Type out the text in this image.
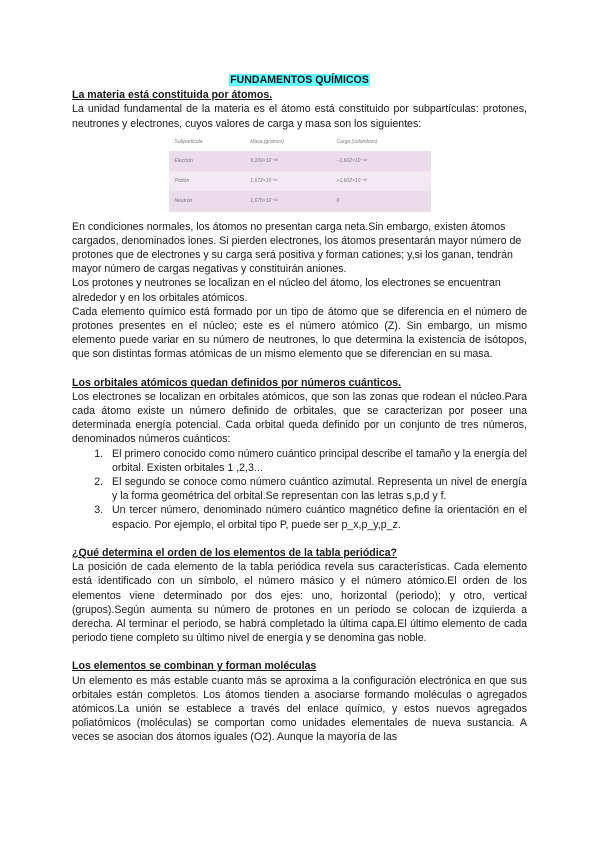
FUNDAMENTOS QUÍMICOS
La materia está constituida por átomos.

La unidad fundamental de la materia es el átomo está constituido por subpartículas: protones, neutrones y electrones, cuyos valores de carga y masa son los siguientes:

Subpartícula	Masa (gramos)	Carga (culombios)
Electrón	9,109×10⁻²⁸	−1,602×10⁻¹⁹
Protón	1,672×10⁻²⁴	+1,602×10⁻¹⁹
Neutrón	1,675×10⁻²⁴	0

En condiciones normales, los átomos no presentan carga neta.Sin embargo, existen átomos cargados, denominados iones. Si pierden electrones, los átomos presentarán mayor número de protones que de electrones y su carga será positiva y forman cationes; y,si los ganan, tendrán mayor número de cargas negativas y constituirán aniones.

Los protones y neutrones se localizan en el núcleo del átomo, los electrones se encuentran alrededor y en los orbitales atómicos.

Cada elemento químico está formado por un tipo de átomo que se diferencia en el número de protones presentes en el núcleo; este es el número atómico (Z). Sin embargo, un mismo elemento puede variar en su número de neutrones, lo que determina la existencia de isótopos, que son distintas formas atómicas de un mismo elemento que se diferencian en su masa.

Los orbitales atómicos quedan definidos por números cuánticos.

Los electrones se localizan en orbitales atómicos, que son las zonas que rodean el núcleo.Para cada átomo existe un número definido de orbitales, que se caracterizan por poseer una determinada energía potencial. Cada orbital queda definido por un conjunto de tres números, denominados números cuánticos:

1. El primero conocido como número cuántico principal describe el tamaño y la energía del orbital. Existen orbitales 1 ,2,3...
2. El segundo se conoce como número cuántico azimutal. Representa un nivel de energía y la forma geométrica del orbital.Se representan con las letras s,p,d y f.
3. Un tercer número, denominado número cuántico magnético define la orientación en el espacio. Por ejemplo, el orbital tipo P, puede ser p_x,p_y,p_z.
¿Qué determina el orden de los elementos de la tabla periódica?

La posición de cada elemento de la tabla periódica revela sus características. Cada elemento está identificado con un símbolo, el número másico y el número atómico.El orden de los elementos viene determinado por dos ejes: uno, horizontal (periodo); y otro, vertical (grupos).Según aumenta su número de protones en un periodo se colocan de izquierda a derecha. Al terminar el periodo, se habrá completado la última capa.El último elemento de cada periodo tiene completo su último nivel de energía y se denomina gas noble.

Los elementos se combinan y forman moléculas

Un elemento es más estable cuanto más se aproxima a la configuración electrónica en que sus orbitales están completos. Los átomos tienden a asociarse formando moléculas o agregados atómicos.La unión se establece a través del enlace químico, y estos nuevos agregados poliatómicos (moléculas) se comportan como unidades elementales de nueva sustancia. A veces se asocian dos átomos iguales (O2). Aunque la mayoría de las
